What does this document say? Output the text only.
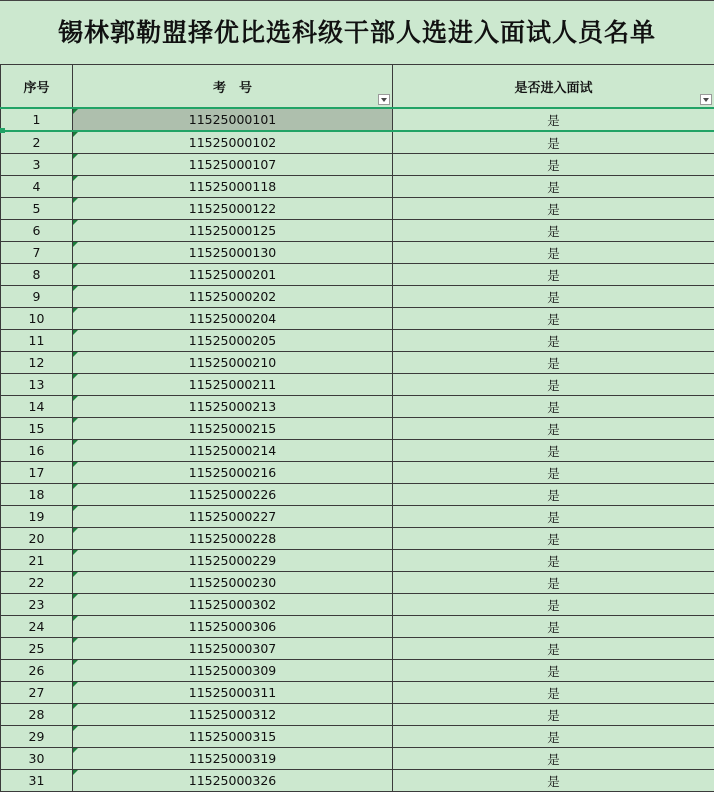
锡林郭勒盟择优比选科级干部人选进入面试人员名单
序号	考　号	是否进入面试

1	11525000101	是
2	11525000102	是
3	11525000107	是
4	11525000118	是
5	11525000122	是
6	11525000125	是
7	11525000130	是
8	11525000201	是
9	11525000202	是
10	11525000204	是
11	11525000205	是
12	11525000210	是
13	11525000211	是
14	11525000213	是
15	11525000215	是
16	11525000214	是
17	11525000216	是
18	11525000226	是
19	11525000227	是
20	11525000228	是
21	11525000229	是
22	11525000230	是
23	11525000302	是
24	11525000306	是
25	11525000307	是
26	11525000309	是
27	11525000311	是
28	11525000312	是
29	11525000315	是
30	11525000319	是
31	11525000326	是
